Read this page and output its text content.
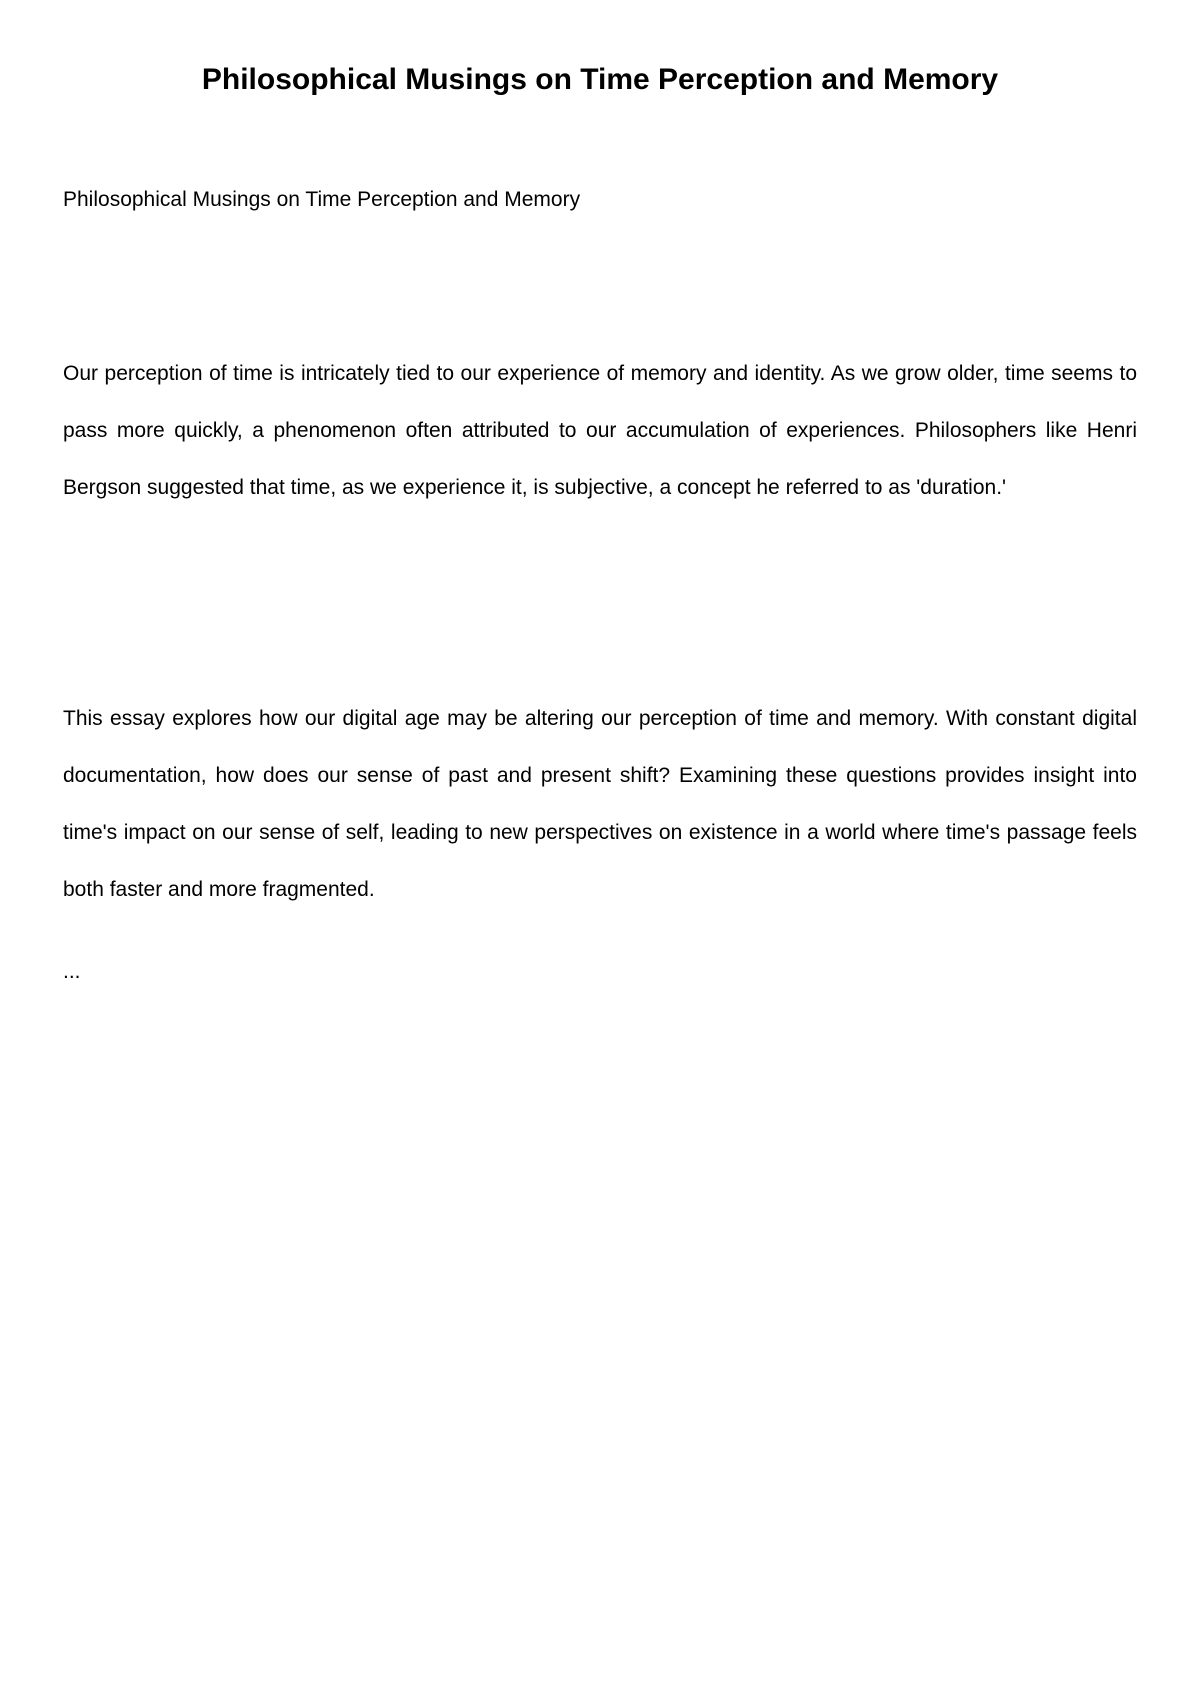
Philosophical Musings on Time Perception and Memory

Philosophical Musings on Time Perception and Memory

Our perception of time is intricately tied to our experience of memory and identity. As we grow older, time seems to pass more quickly, a phenomenon often attributed to our accumulation of experiences. Philosophers like Henri Bergson suggested that time, as we experience it, is subjective, a concept he referred to as 'duration.'

This essay explores how our digital age may be altering our perception of time and memory. With constant digital documentation, how does our sense of past and present shift? Examining these questions provides insight into time's impact on our sense of self, leading to new perspectives on existence in a world where time's passage feels both faster and more fragmented.

...
